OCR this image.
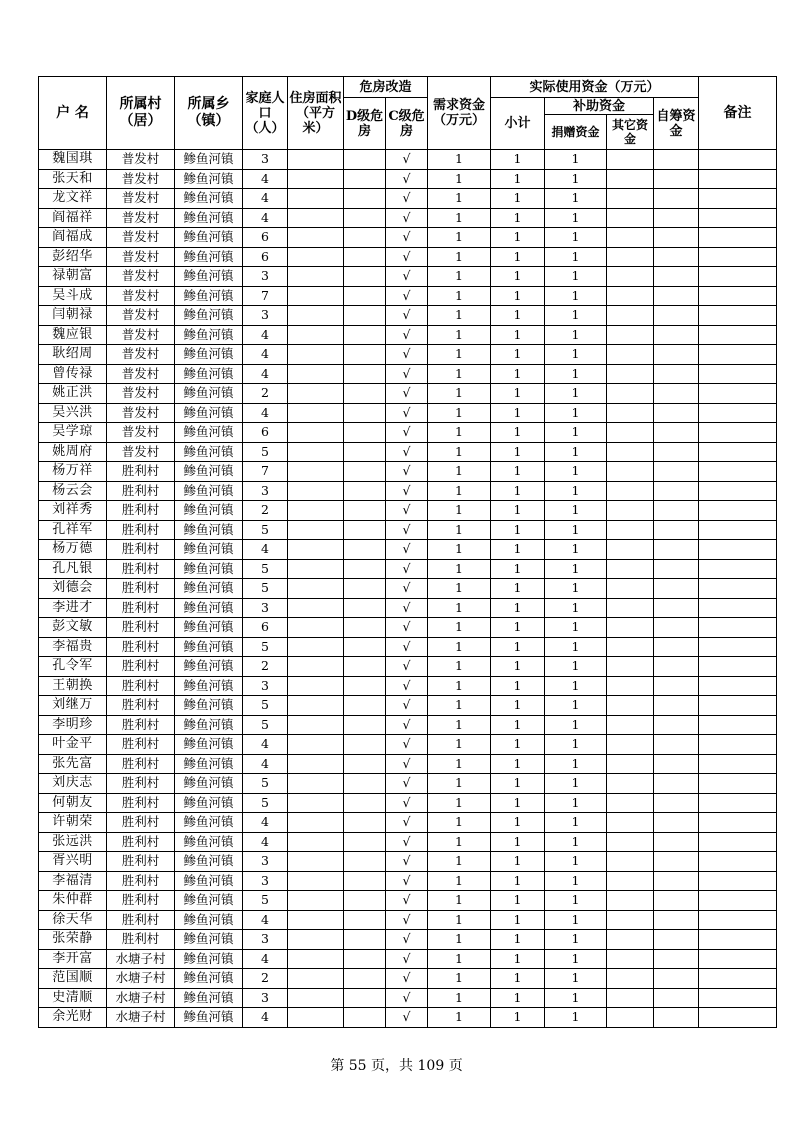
户 名	所属村（居）	所属乡（镇）	家庭人口（人）	住房面积（平方米）	危房改造		需求资金（万元）	实际使用资金（万元）				备注
					D级危房	C级危房		小计	补助资金		自筹资金	
									捐赠资金	其它资金		
魏国琪	普发村	鲹鱼河镇	3			√	1	1	1			
张天和	普发村	鲹鱼河镇	4			√	1	1	1			
龙文祥	普发村	鲹鱼河镇	4			√	1	1	1			
阎福祥	普发村	鲹鱼河镇	4			√	1	1	1			
阎福成	普发村	鲹鱼河镇	6			√	1	1	1			
彭绍华	普发村	鲹鱼河镇	6			√	1	1	1			
禄朝富	普发村	鲹鱼河镇	3			√	1	1	1			
吴斗成	普发村	鲹鱼河镇	7			√	1	1	1			
闫朝禄	普发村	鲹鱼河镇	3			√	1	1	1			
魏应银	普发村	鲹鱼河镇	4			√	1	1	1			
耿绍周	普发村	鲹鱼河镇	4			√	1	1	1			
曾传禄	普发村	鲹鱼河镇	4			√	1	1	1			
姚正洪	普发村	鲹鱼河镇	2			√	1	1	1			
吴兴洪	普发村	鲹鱼河镇	4			√	1	1	1			
吴学琼	普发村	鲹鱼河镇	6			√	1	1	1			
姚周府	普发村	鲹鱼河镇	5			√	1	1	1			
杨万祥	胜利村	鲹鱼河镇	7			√	1	1	1			
杨云会	胜利村	鲹鱼河镇	3			√	1	1	1			
刘祥秀	胜利村	鲹鱼河镇	2			√	1	1	1			
孔祥军	胜利村	鲹鱼河镇	5			√	1	1	1			
杨万德	胜利村	鲹鱼河镇	4			√	1	1	1			
孔凡银	胜利村	鲹鱼河镇	5			√	1	1	1			
刘德会	胜利村	鲹鱼河镇	5			√	1	1	1			
李进才	胜利村	鲹鱼河镇	3			√	1	1	1			
彭文敏	胜利村	鲹鱼河镇	6			√	1	1	1			
李福贵	胜利村	鲹鱼河镇	5			√	1	1	1			
孔令军	胜利村	鲹鱼河镇	2			√	1	1	1			
王朝换	胜利村	鲹鱼河镇	3			√	1	1	1			
刘继万	胜利村	鲹鱼河镇	5			√	1	1	1			
李明珍	胜利村	鲹鱼河镇	5			√	1	1	1			
叶金平	胜利村	鲹鱼河镇	4			√	1	1	1			
张先富	胜利村	鲹鱼河镇	4			√	1	1	1			
刘庆志	胜利村	鲹鱼河镇	5			√	1	1	1			
何朝友	胜利村	鲹鱼河镇	5			√	1	1	1			
许朝荣	胜利村	鲹鱼河镇	4			√	1	1	1			
张远洪	胜利村	鲹鱼河镇	4			√	1	1	1			
胥兴明	胜利村	鲹鱼河镇	3			√	1	1	1			
李福清	胜利村	鲹鱼河镇	3			√	1	1	1			
朱仲群	胜利村	鲹鱼河镇	5			√	1	1	1			
徐天华	胜利村	鲹鱼河镇	4			√	1	1	1			
张荣静	胜利村	鲹鱼河镇	3			√	1	1	1			
李开富	水塘子村	鲹鱼河镇	4			√	1	1	1			
范国顺	水塘子村	鲹鱼河镇	2			√	1	1	1			
史清顺	水塘子村	鲹鱼河镇	3			√	1	1	1			
余光财	水塘子村	鲹鱼河镇	4			√	1	1	1			
第 55 页，共 109 页
